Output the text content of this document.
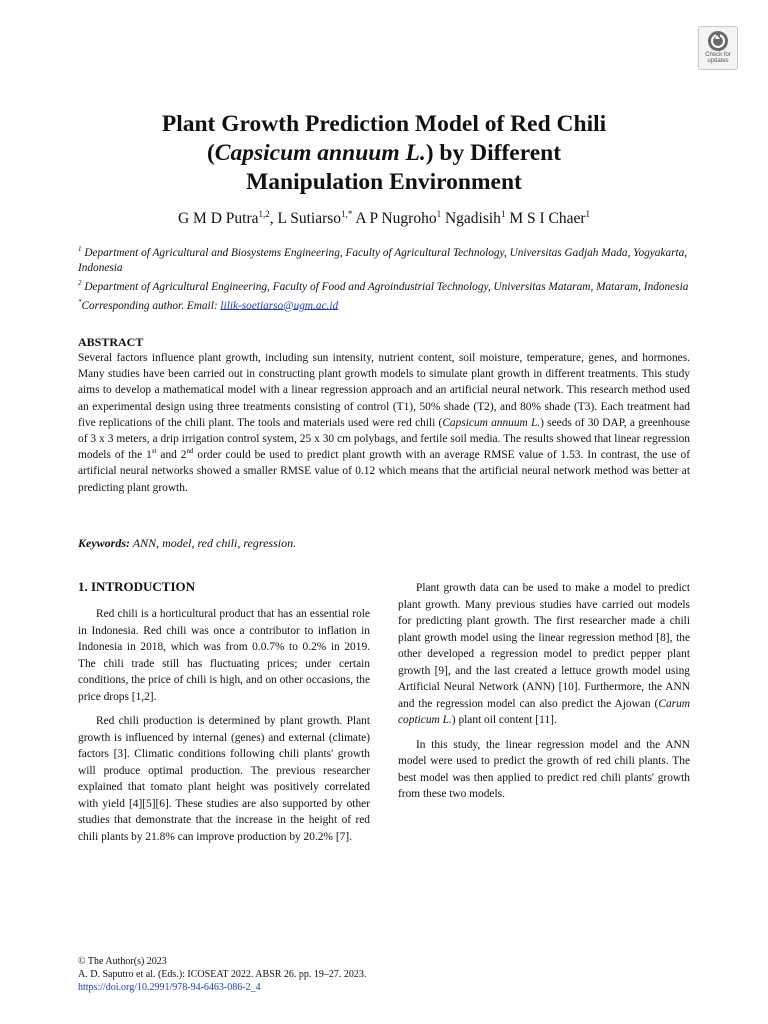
Check for
updates
Plant Growth Prediction Model of Red Chili
(Capsicum annuum L.) by Different
Manipulation Environment
G M D Putra$^{1,2}$, L Sutiarso$^{1,*}$ A P Nugroho$^1$ Ngadisih$^1$ M S I Chaer$^1$
$^1$ Department of Agricultural and Biosystems Engineering, Faculty of Agricultural Technology, Universitas Gadjah Mada, Yogyakarta, Indonesia
$^2$ Department of Agricultural Engineering, Faculty of Food and Agroindustrial Technology, Universitas Mataram, Mataram, Indonesia
*Corresponding author. Email: lilik-soetiarso@ugm.ac.id
ABSTRACT
Several factors influence plant growth, including sun intensity, nutrient content, soil moisture, temperature, genes, and hormones. Many studies have been carried out in constructing plant growth models to simulate plant growth in different treatments. This study aims to develop a mathematical model with a linear regression approach and an artificial neural network. This research method used an experimental design using three treatments consisting of control (T1), 50% shade (T2), and 80% shade (T3). Each treatment had five replications of the chili plant. The tools and materials used were red chili (Capsicum annuum L.) seeds of 30 DAP, a greenhouse of 3 x 3 meters, a drip irrigation control system, 25 x 30 cm polybags, and fertile soil media. The results showed that linear regression models of the 1st and 2nd order could be used to predict plant growth with an average RMSE value of 1.53. In contrast, the use of artificial neural networks showed a smaller RMSE value of 0.12 which means that the artificial neural network method was better at predicting plant growth.
Keywords: ANN, model, red chili, regression.
1. INTRODUCTION

Red chili is a horticultural product that has an essential role in Indonesia. Red chili was once a contributor to inflation in Indonesia in 2018, which was from 0.0.7% to 0.2% in 2019. The chili trade still has fluctuating prices; under certain conditions, the price of chili is high, and on other occasions, the price drops [1,2].

Red chili production is determined by plant growth. Plant growth is influenced by internal (genes) and external (climate) factors [3]. Climatic conditions following chili plants' growth will produce optimal production. The previous researcher explained that tomato plant height was positively correlated with yield [4][5][6]. These studies are also supported by other studies that demonstrate that the increase in the height of red chili plants by 21.8% can improve production by 20.2% [7].

Plant growth data can be used to make a model to predict plant growth. Many previous studies have carried out models for predicting plant growth. The first researcher made a chili plant growth model using the linear regression method [8], the other developed a regression model to predict pepper plant growth [9], and the last created a lettuce growth model using Artificial Neural Network (ANN) [10]. Furthermore, the ANN and the regression model can also predict the Ajowan (Carum copticum L.) plant oil content [11].

In this study, the linear regression model and the ANN model were used to predict the growth of red chili plants. The best model was then applied to predict red chili plants' growth from these two models.

© The Author(s) 2023
A. D. Saputro et al. (Eds.): ICOSEAT 2022. ABSR 26. pp. 19–27. 2023.
https://doi.org/10.2991/978-94-6463-086-2_4
